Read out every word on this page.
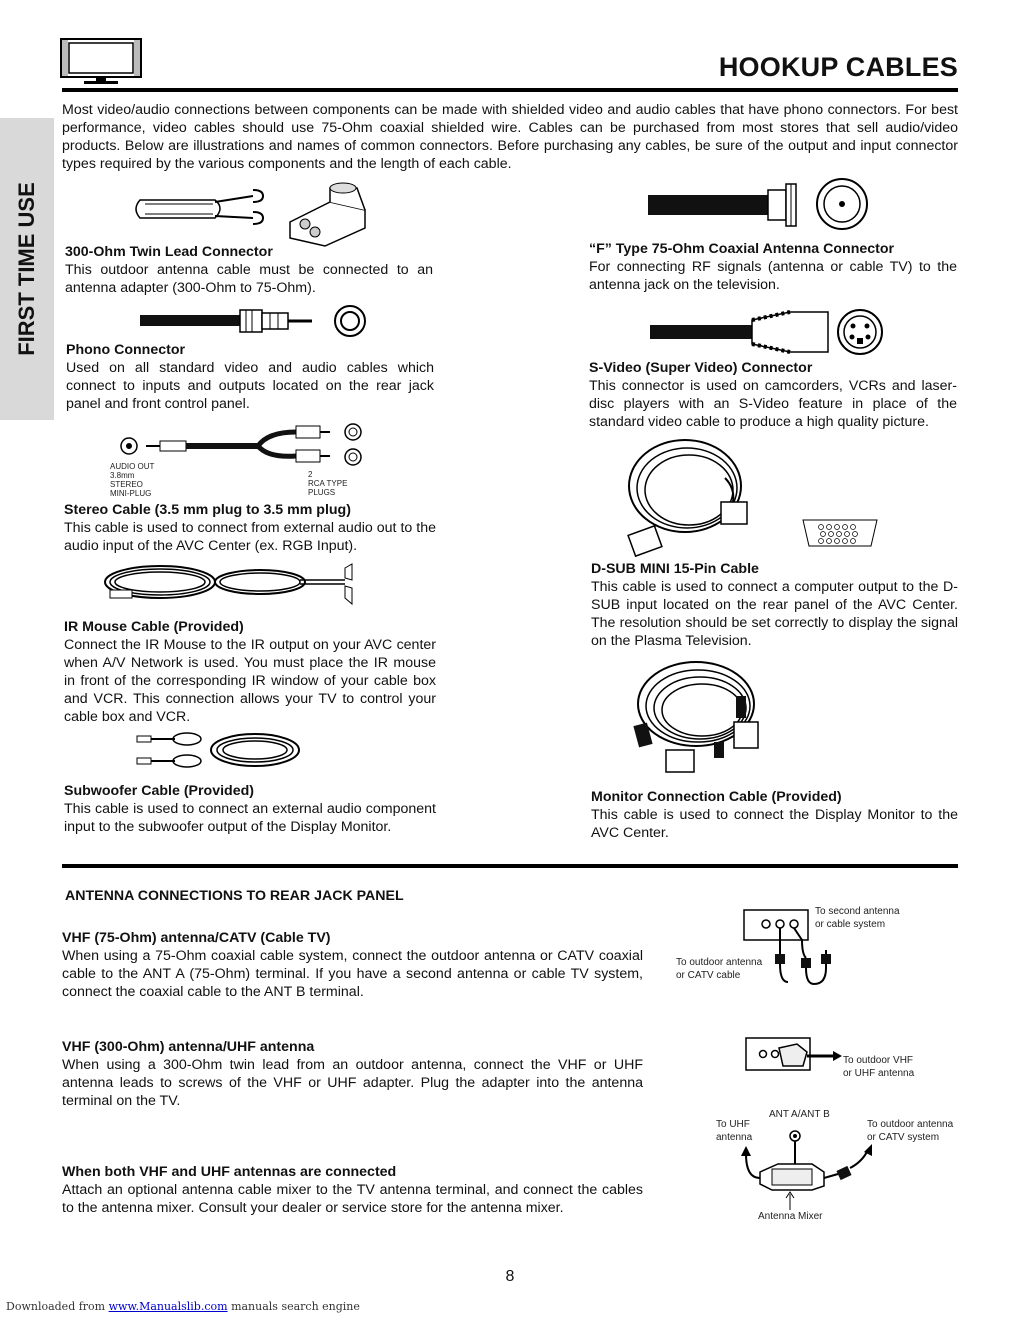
HOOKUP CABLES
FIRST TIME USE
Most video/audio connections between components can be made with shielded video and audio cables that have phono connectors. For best performance, video cables should use 75-Ohm coaxial shielded wire. Cables can be purchased from most stores that sell audio/video products. Below are illustrations and names of common connectors. Before purchasing any cables, be sure of the output and input connector types required by the various components and the length of each cable.
300-Ohm Twin Lead Connector
This outdoor antenna cable must be connected to an antenna adapter (300-Ohm to 75-Ohm).
Phono Connector
Used on all standard video and audio cables which connect to inputs and outputs located on the rear jack panel and front control panel.
AUDIO OUT
3.8mm
STEREO
MINI-PLUG
2
RCA TYPE
PLUGS
Stereo Cable (3.5 mm plug to 3.5 mm plug)
This cable is used to connect from external audio out to the audio input of the AVC Center (ex. RGB Input).
IR Mouse Cable (Provided)
Connect the IR Mouse to the IR output on your AVC center when A/V Network is used. You must place the IR mouse in front of the corresponding IR window of your cable box and VCR. This connection allows your TV to control your cable box and VCR.
Subwoofer Cable (Provided)
This cable is used to connect an external audio component input to the subwoofer output of the Display Monitor.
“F” Type 75-Ohm Coaxial Antenna Connector
For connecting RF signals (antenna or cable TV) to the antenna jack on the television.
S-Video (Super Video) Connector
This connector is used on camcorders, VCRs and laser-disc players with an S-Video feature in place of the standard video cable to produce a high quality picture.
D-SUB MINI 15-Pin Cable
This cable is used to connect a computer output to the D-SUB input located on the rear panel of the AVC Center. The resolution should be set correctly to display the signal on the Plasma Television.
Monitor Connection Cable (Provided)
This cable is used to connect the Display Monitor to the AVC Center.
ANTENNA CONNECTIONS TO REAR JACK PANEL
VHF (75-Ohm) antenna/CATV (Cable TV)
When using a 75-Ohm coaxial cable system, connect the outdoor antenna or CATV coaxial cable to the ANT A (75-Ohm) terminal. If you have a second antenna or cable TV system, connect the coaxial cable to the ANT B terminal.
VHF (300-Ohm) antenna/UHF antenna
When using a 300-Ohm twin lead from an outdoor antenna, connect the VHF or UHF antenna leads to screws of the VHF or UHF adapter. Plug the adapter into the antenna terminal on the TV.
When both VHF and UHF antennas are connected
Attach an optional antenna cable mixer to the TV antenna terminal, and connect the cables to the antenna mixer. Consult your dealer or service store for the antenna mixer.
To second antenna
or cable system
To outdoor antenna
or CATV cable
To outdoor VHF
or UHF antenna
ANT A/ANT B
To UHF
antenna
To outdoor antenna
or CATV system
Antenna Mixer
8
Downloaded from www.Manualslib.com manuals search engine
